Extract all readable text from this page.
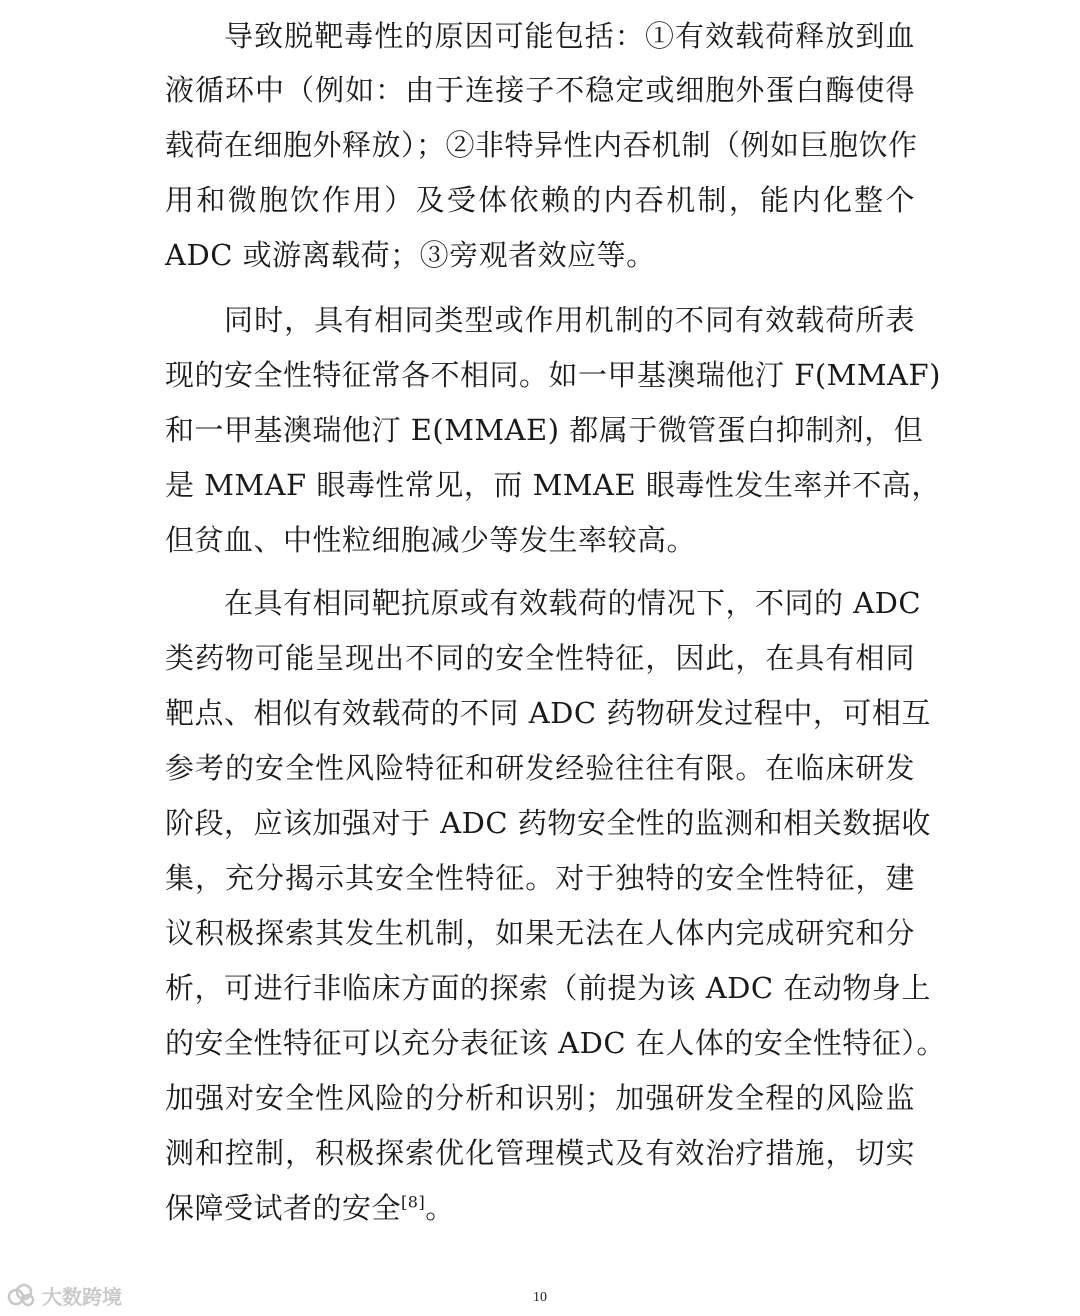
导致脱靶毒性的原因可能包括：①有效载荷释放到血
液循环中（例如：由于连接子不稳定或细胞外蛋白酶使得
载荷在细胞外释放）；②非特异性内吞机制（例如巨胞饮作
用和微胞饮作用）及受体依赖的内吞机制，能内化整个
ADC 或游离载荷；③旁观者效应等。
同时，具有相同类型或作用机制的不同有效载荷所表
现的安全性特征常各不相同。如一甲基澳瑞他汀 F(MMAF)
和一甲基澳瑞他汀 E(MMAE) 都属于微管蛋白抑制剂，但
是 MMAF 眼毒性常见，而 MMAE 眼毒性发生率并不高，
但贫血、中性粒细胞减少等发生率较高。
在具有相同靶抗原或有效载荷的情况下，不同的 ADC
类药物可能呈现出不同的安全性特征，因此，在具有相同
靶点、相似有效载荷的不同 ADC 药物研发过程中，可相互
参考的安全性风险特征和研发经验往往有限。在临床研发
阶段，应该加强对于 ADC 药物安全性的监测和相关数据收
集，充分揭示其安全性特征。对于独特的安全性特征，建
议积极探索其发生机制，如果无法在人体内完成研究和分
析，可进行非临床方面的探索（前提为该 ADC 在动物身上
的安全性特征可以充分表征该 ADC 在人体的安全性特征）。
加强对安全性风险的分析和识别；加强研发全程的风险监
测和控制，积极探索优化管理模式及有效治疗措施，切实
保障受试者的安全[8]。
大数跨境	10
